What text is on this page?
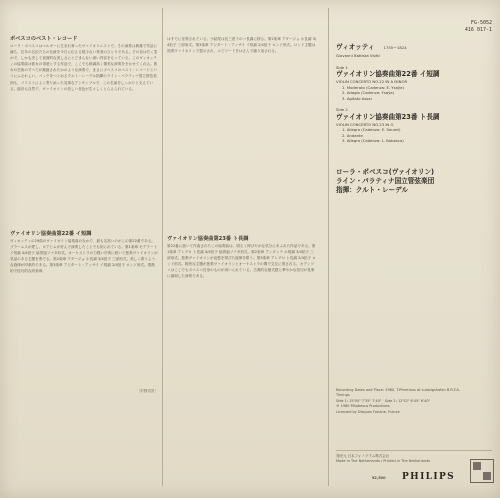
ボベスコのベスト・レコード

ローラ・ボベスコはベルギーに生まれ育ったヴァイオリニストで、その演奏は典雅で気品に満ち、往年の名匠たちの伝統を今日に伝える数少ない奏者のひとりである。その音は甘く豊かで、しかも決して表面的な美しさにとどまらない深い内容をもっている。このヴィオッティの協奏曲は彼女の得意とする作品で、ここでも格調高く優美な演奏をきかせてくれる。彼女の芸術のすべてが凝縮されたかのような演奏で、まさにボベスコのベスト・レコードというにふさわしい。バックをつとめるクルト・レーデル指揮のライン・パラティナ国立管弦楽団も、ソリストによく寄り添った見事なアンサンブルで、この名演をしっかりと支えている。録音も自然で、ヴァイオリンの美しい音色が生々しくとらえられている。

ヴァイオリン協奏曲第22番 イ短調

ヴィオッティの29曲のヴァイオリン協奏曲のなかで、最も名高いのがこの第22番である。ブラームスが愛し、ヨアヒムが好んで演奏したことでも知られている。第1楽章 モデラート イ短調 4/4拍子 協奏風ソナタ形式。オーケストラの力強い序奏に続いて独奏ヴァイオリンが気品のある主題を奏でる。第2楽章 アダージョ ホ長調 3/4拍子 三部形式。美しく歌うような旋律が印象的である。第3楽章 アジタート・アッサイ イ短調 2/4拍子 ロンド形式。情熱的で技巧的な終楽章。
〔宇野功芳〕
はすでに変奏されている。小結尾は長三度下のハ長調に移る。第2楽章 アダージョ ホ長調 3/4拍子 三部形式。第3楽章 アジタート・アッサイ イ短調 2/4拍子 ロンド形式。ロンド主題は独奏ヴァイオリンで提示され、エピソードをはさんで繰り返される。

ヴァイオリン協奏曲第23番 ト長調

第22番に続いて作曲されたこの協奏曲は、明るく伸びやかな気分にあふれた作品である。第1楽章 アレグロ ト長調 4/4拍子 協奏風ソナタ形式。第2楽章 アンダンテ ホ短調 3/4拍子 三部形式。独奏ヴァイオリンが哀愁を帯びた旋律を歌う。第3楽章 アレグロ ト長調 2/4拍子 ロンド形式。軽快な主題が独奏ヴァイオリンとオーケストラの間で交互に奏される。カデンツァはここでもボベスコ自身のものが用いられている。古典的な様式感と華やかな技巧が見事に調和した演奏である。
FG-5052
416 017-1
ヴィオッティ 1755〜1824
Giovanni Battista Viotti
Side 1
ヴァイオリン協奏曲第22番 イ短調
VIOLIN CONCERTO NO.22 IN A MINOR
1. Moderato (Cadenza: E. Ysaÿe)
2. Adagio (Cadenza: Ysaÿe)
3. Agitato Assai
Side 2
ヴァイオリン協奏曲第23番 ト長調
VIOLIN CONCERTO NO.23 IN G
1. Allegro (Cadenza: E. Sauret)
2. Andante
3. Allegro (Cadenza: L. Bobesco)
ローラ・ボベスコ(ヴァイオリン)
ライン・パラティナ国立管弦楽団
指揮：クルト・レーデル
Recording Dates and Place: 1980, T.Pfarrhaus at Ludwigshafen B.R.F.A.
Timings
Side 1: 15'00" 7'35" 7'40"   Side 2: 12'52" 6'45" 6'40"
℗ 1980 P.Bobesco Productions
Licensed by Disques Forlane, France
発売元 日本フォノグラム株式会社
Made in The Netherlands / Printed in The Netherlands
¥2,500 PHILIPS
